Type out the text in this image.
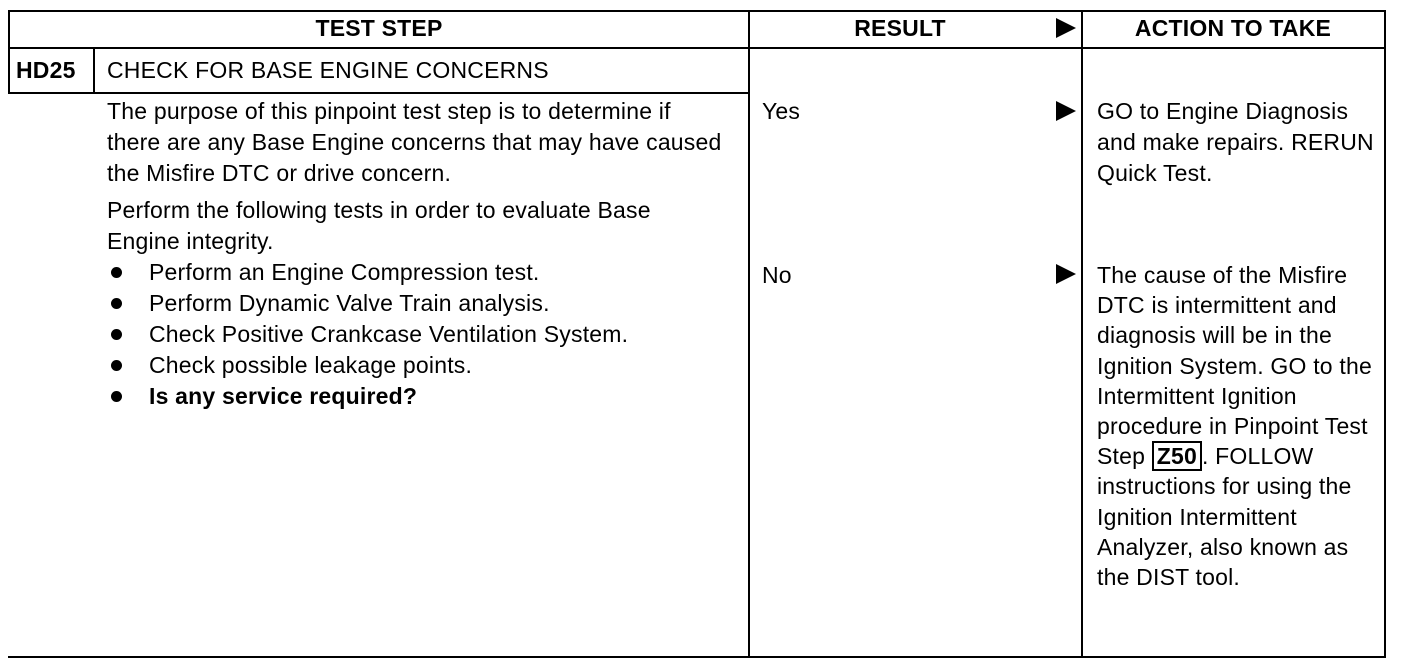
TEST STEP	RESULT	ACTION TO TAKE
HD25	CHECK FOR BASE ENGINE CONCERNS

The purpose of this pinpoint test step is to determine if there are any Base Engine concerns that may have caused the Misfire DTC or drive concern.

Perform the following tests in order to evaluate Base Engine integrity.

Perform an Engine Compression test.
Perform Dynamic Valve Train analysis.
Check Positive Crankcase Ventilation System.
Check possible leakage points.
Is any service required?
Yes	GO to Engine Diagnosis and make repairs. RERUN Quick Test.
No	The cause of the Misfire DTC is intermittent and diagnosis will be in the Ignition System. GO to the Intermittent Ignition procedure in Pinpoint Test Step Z50 . FOLLOW instructions for using the Ignition Intermittent Analyzer, also known as the DIST tool.
